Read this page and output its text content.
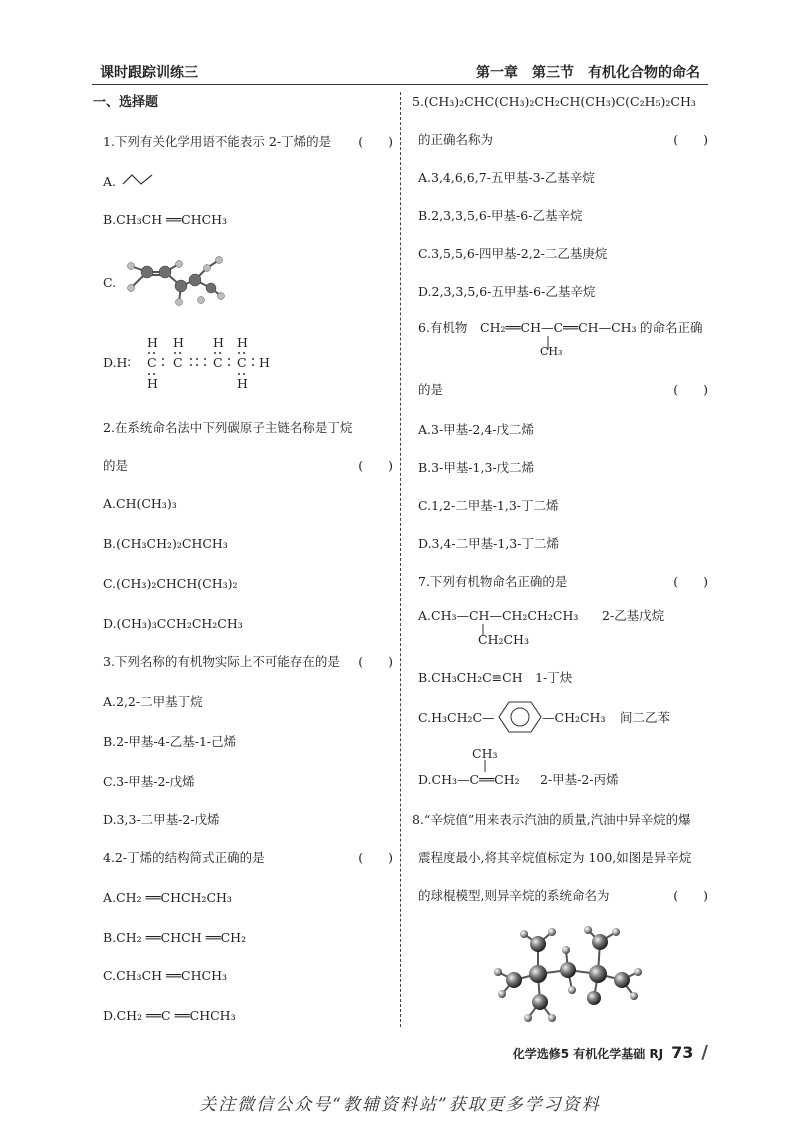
课时跟踪训练三	第一章　第三节　有机化合物的命名
一、选择题
1.下列有关化学用语不能表示 2-丁烯的是 (　　)
A.
B.CH₃CH ══CHCH₃
C.
D.H∶
H H H H
C C C C H
H	H
2.在系统命名法中下列碳原子主链名称是丁烷
的是	(　　)
A.CH(CH₃)₃
B.(CH₃CH₂)₂CHCH₃
C.(CH₃)₂CHCH(CH₃)₂
D.(CH₃)₃CCH₂CH₂CH₃
3.下列名称的有机物实际上不可能存在的是 (　　)
A.2,2-二甲基丁烷
B.2-甲基-4-乙基-1-己烯
C.3-甲基-2-戊烯
D.3,3-二甲基-2-戊烯
4.2-丁烯的结构简式正确的是	(　　)
A.CH₂ ══CHCH₂CH₃
B.CH₂ ══CHCH ══CH₂
C.CH₃CH ══CHCH₃
D.CH₂ ══C ══CHCH₃
5.(CH₃)₂CHC(CH₃)₂CH₂CH(CH₃)C(C₂H₅)₂CH₃
的正确名称为	(　　)
A.3,4,6,6,7-五甲基-3-乙基辛烷
B.2,3,3,5,6-甲基-6-乙基辛烷
C.3,5,5,6-四甲基-2,2-二乙基庚烷
D.2,3,3,5,6-五甲基-6-乙基辛烷
6.有机物 CH₂══CH—C══CH—CH₃ 的命名正确
CH₃
的是	(　　)
A.3-甲基-2,4-戊二烯
B.3-甲基-1,3-戊二烯
C.1,2-二甲基-1,3-丁二烯
D.3,4-二甲基-1,3-丁二烯
7.下列有机物命名正确的是	(　　)
A.CH₃—CH—CH₂CH₂CH₃ 2-乙基戊烷
CH₂CH₃
B.CH₃CH₂C≡CH　1-丁炔
C.H₃CH₂C—	—CH₂CH₃ 间二乙苯
CH₃
D.CH₃—C══CH₂ 2-甲基-2-丙烯
8.“辛烷值”用来表示汽油的质量,汽油中异辛烷的爆
震程度最小,将其辛烷值标定为 100,如图是异辛烷
的球棍模型,则异辛烷的系统命名为	(　　)
化学选修5 有机化学基础 RJ 73 /
关注微信公众号“教辅资料站”获取更多学习资料
